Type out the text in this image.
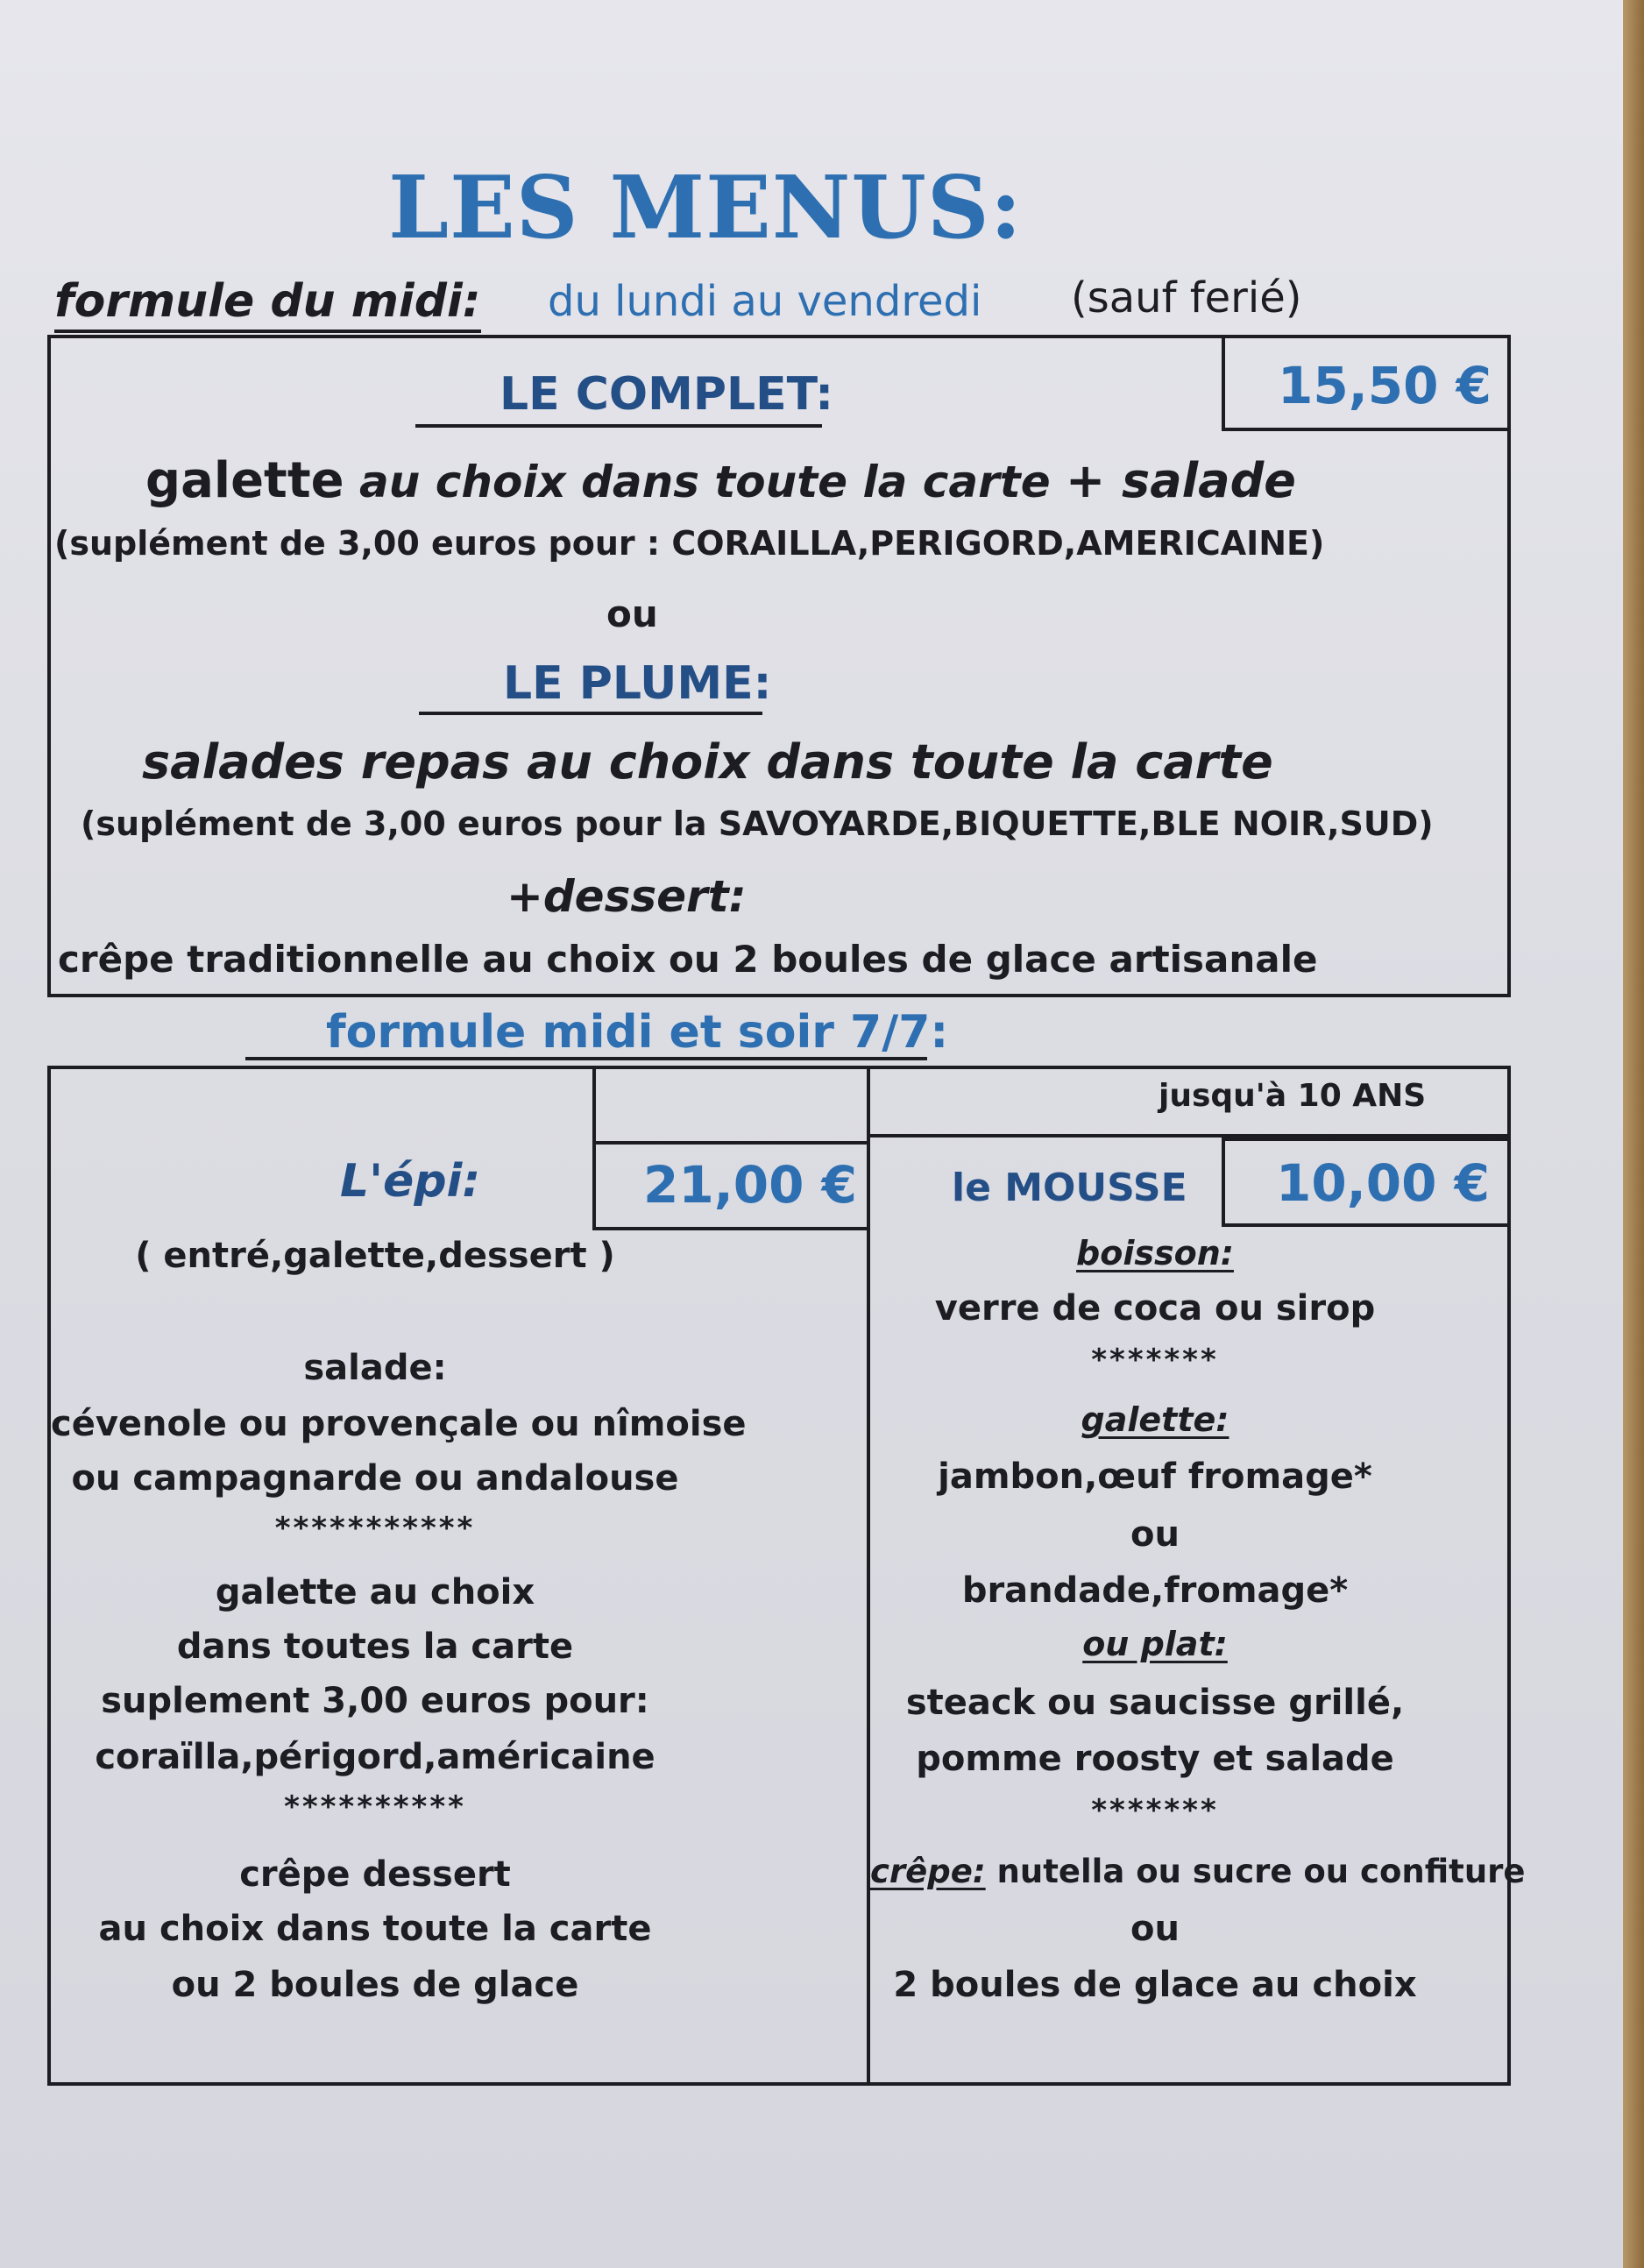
LES MENUS:
formule du midi: du lundi au vendredi (sauf ferié)
LE COMPLET:	15,50 €
galette au choix dans toute la carte + salade
(suplément de 3,00 euros pour : CORAILLA,PERIGORD,AMERICAINE)
ou
LE PLUME:
salades repas au choix dans toute la carte
(suplément de 3,00 euros pour la SAVOYARDE,BIQUETTE,BLE NOIR,SUD)
+dessert:
crêpe traditionnelle au choix ou 2 boules de glace artisanale
formule midi et soir 7/7:
L'épi:	21,00 €
jusqu'à 10 ANS
le MOUSSE 10,00 €
( entré,galette,dessert )
salade:
cévenole ou provençale ou nîmoise
ou campagnarde ou andalouse
***********
galette au choix
dans toutes la carte
suplement 3,00 euros pour:
coraïlla,périgord,américaine
**********
crêpe dessert
au choix dans toute la carte
ou 2 boules de glace
boisson:
verre de coca ou sirop
*******
galette:
jambon,œuf fromage*
ou
brandade,fromage*
ou plat:
steack ou saucisse grillé,
pomme roosty et salade
*******
crêpe: nutella ou sucre ou confiture
ou
2 boules de glace au choix
